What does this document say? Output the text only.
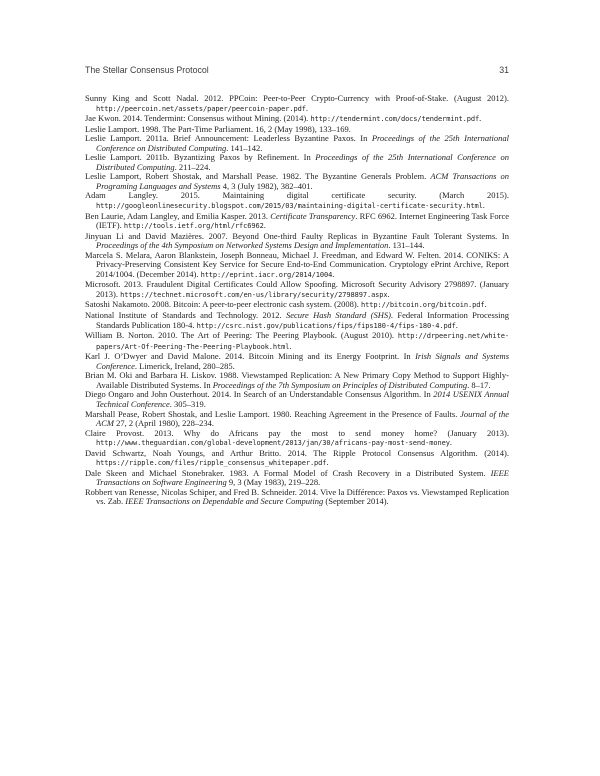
The Stellar Consensus Protocol	31
Sunny King and Scott Nadal. 2012. PPCoin: Peer-to-Peer Crypto-Currency with Proof-of-Stake. (August 2012). http://peercoin.net/assets/paper/peercoin-paper.pdf.
Jae Kwon. 2014. Tendermint: Consensus without Mining. (2014). http://tendermint.com/docs/tendermint.pdf.
Leslie Lamport. 1998. The Part-Time Parliament. 16, 2 (May 1998), 133–169.
Leslie Lamport. 2011a. Brief Announcement: Leaderless Byzantine Paxos. In Proceedings of the 25th International Conference on Distributed Computing. 141–142.
Leslie Lamport. 2011b. Byzantizing Paxos by Refinement. In Proceedings of the 25th International Conference on Distributed Computing. 211–224.
Leslie Lamport, Robert Shostak, and Marshall Pease. 1982. The Byzantine Generals Problem. ACM Transactions on Programing Languages and Systems 4, 3 (July 1982), 382–401.
Adam Langley. 2015. Maintaining digital certificate security. (March 2015). http://googleonlinesecurity.blogspot.com/2015/03/maintaining-digital-certificate-security.html.
Ben Laurie, Adam Langley, and Emilia Kasper. 2013. Certificate Transparency. RFC 6962. Internet Engineering Task Force (IETF). http://tools.ietf.org/html/rfc6962.
Jinyuan Li and David Mazières. 2007. Beyond One-third Faulty Replicas in Byzantine Fault Tolerant Systems. In Proceedings of the 4th Symposium on Networked Systems Design and Implementation. 131–144.
Marcela S. Melara, Aaron Blankstein, Joseph Bonneau, Michael J. Freedman, and Edward W. Felten. 2014. CONIKS: A Privacy-Preserving Consistent Key Service for Secure End-to-End Communication. Cryptology ePrint Archive, Report 2014/1004. (December 2014). http://eprint.iacr.org/2014/1004.
Microsoft. 2013. Fraudulent Digital Certificates Could Allow Spoofing. Microsoft Security Advisory 2798897. (January 2013). https://technet.microsoft.com/en-us/library/security/2798897.aspx.
Satoshi Nakamoto. 2008. Bitcoin: A peer-to-peer electronic cash system. (2008). http://bitcoin.org/bitcoin.pdf.
National Institute of Standards and Technology. 2012. Secure Hash Standard (SHS). Federal Information Processing Standards Publication 180-4. http://csrc.nist.gov/publications/fips/fips180-4/fips-180-4.pdf.
William B. Norton. 2010. The Art of Peering: The Peering Playbook. (August 2010). http://drpeering.net/white-papers/Art-Of-Peering-The-Peering-Playbook.html.
Karl J. O’Dwyer and David Malone. 2014. Bitcoin Mining and its Energy Footprint. In Irish Signals and Systems Conference. Limerick, Ireland, 280–285.
Brian M. Oki and Barbara H. Liskov. 1988. Viewstamped Replication: A New Primary Copy Method to Support Highly-Available Distributed Systems. In Proceedings of the 7th Symposium on Principles of Distributed Computing. 8–17.
Diego Ongaro and John Ousterhout. 2014. In Search of an Understandable Consensus Algorithm. In 2014 USENIX Annual Technical Conference. 305–319.
Marshall Pease, Robert Shostak, and Leslie Lamport. 1980. Reaching Agreement in the Presence of Faults. Journal of the ACM 27, 2 (April 1980), 228–234.
Claire Provost. 2013. Why do Africans pay the most to send money home? (January 2013). http://www.theguardian.com/global-development/2013/jan/30/africans-pay-most-send-money.
David Schwartz, Noah Youngs, and Arthur Britto. 2014. The Ripple Protocol Consensus Algorithm. (2014). https://ripple.com/files/ripple_consensus_whitepaper.pdf.
Dale Skeen and Michael Stonebraker. 1983. A Formal Model of Crash Recovery in a Distributed System. IEEE Transactions on Software Engineering 9, 3 (May 1983), 219–228.
Robbert van Renesse, Nicolas Schiper, and Fred B. Schneider. 2014. Vive la Différence: Paxos vs. Viewstamped Replication vs. Zab. IEEE Transactions on Dependable and Secure Computing (September 2014).
